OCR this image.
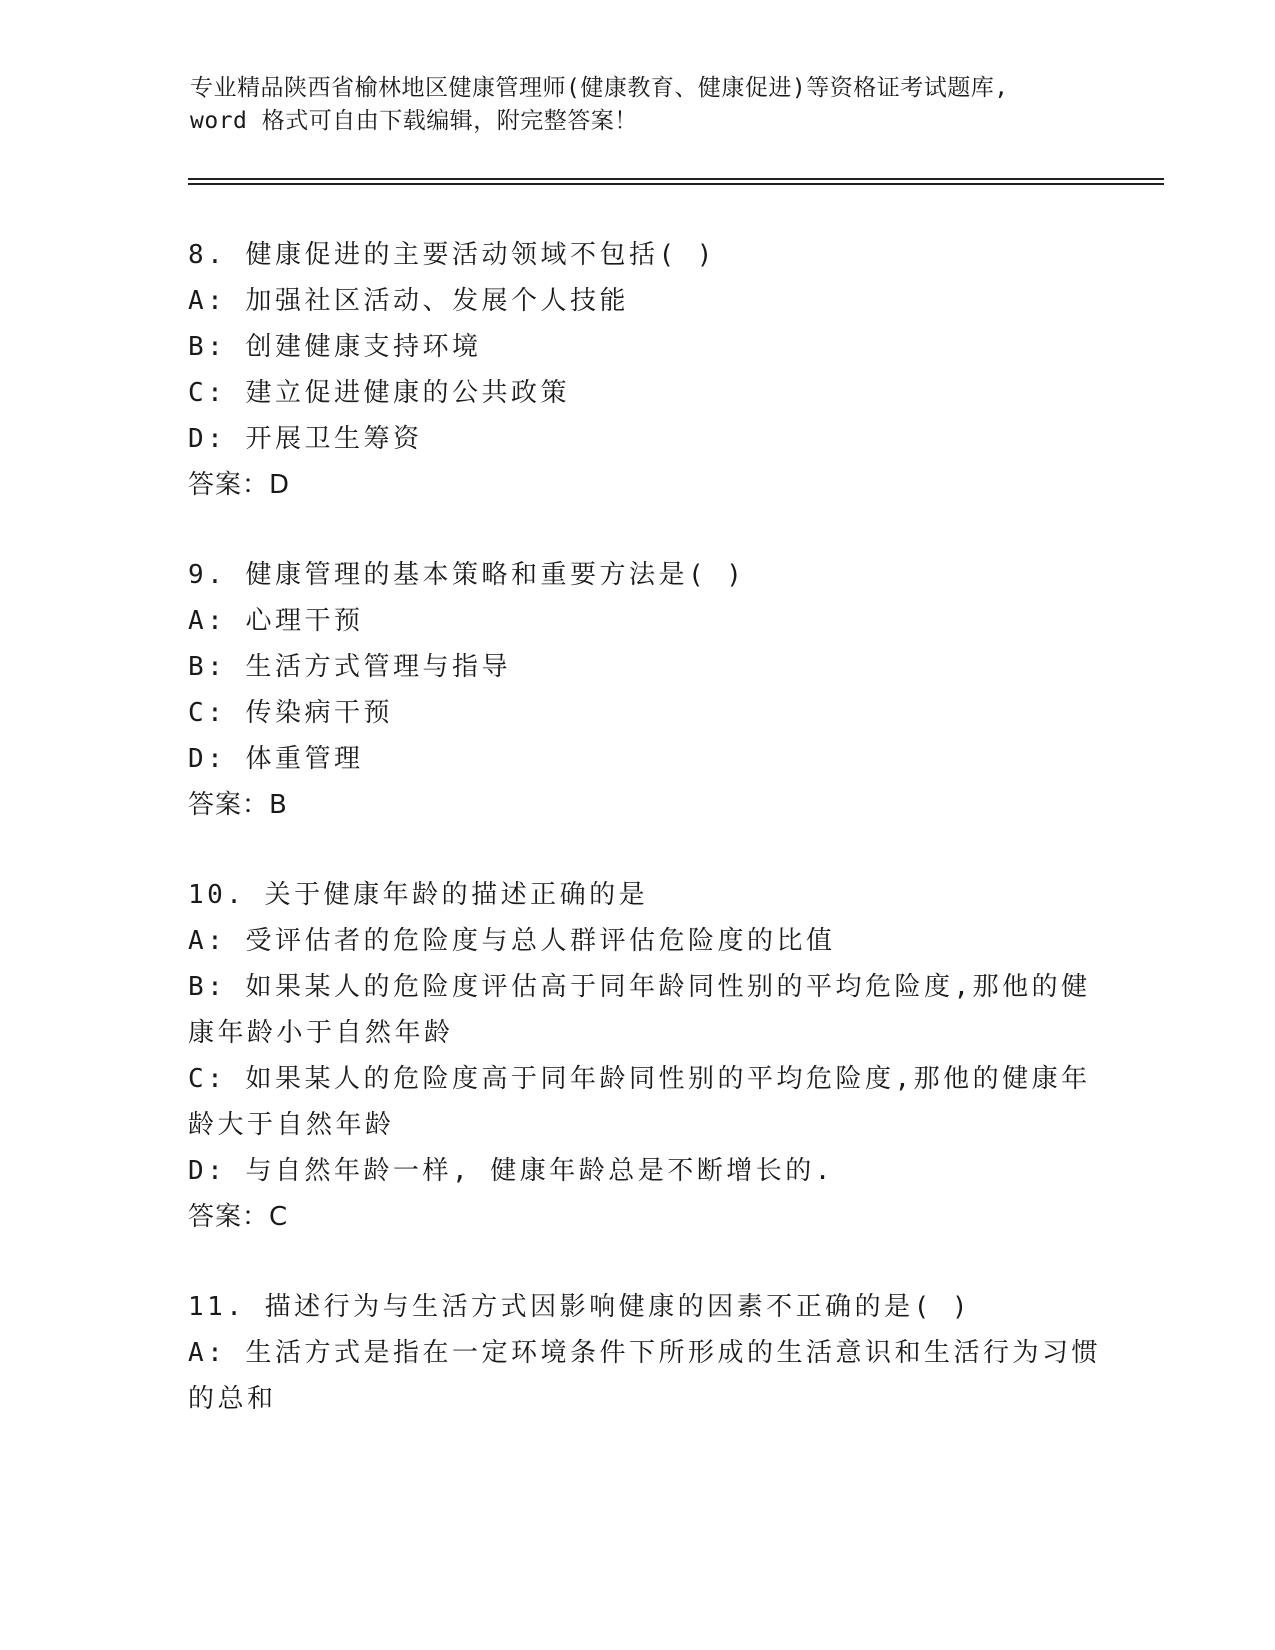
专业精品陕西省榆林地区健康管理师(健康教育、健康促进)等资格证考试题库,
word 格式可自由下载编辑，附完整答案！
8. 健康促进的主要活动领域不包括( )
A: 加强社区活动、发展个人技能
B: 创建健康支持环境
C: 建立促进健康的公共政策
D: 开展卫生筹资
答案：D
9. 健康管理的基本策略和重要方法是( )
A: 心理干预
B: 生活方式管理与指导
C: 传染病干预
D: 体重管理
答案：B
10. 关于健康年龄的描述正确的是
A: 受评估者的危险度与总人群评估危险度的比值
B: 如果某人的危险度评估高于同年龄同性别的平均危险度,那他的健
康年龄小于自然年龄
C: 如果某人的危险度高于同年龄同性别的平均危险度,那他的健康年
龄大于自然年龄
D: 与自然年龄一样, 健康年龄总是不断增长的.
答案：C
11. 描述行为与生活方式因影响健康的因素不正确的是( )
A: 生活方式是指在一定环境条件下所形成的生活意识和生活行为习惯
的总和
